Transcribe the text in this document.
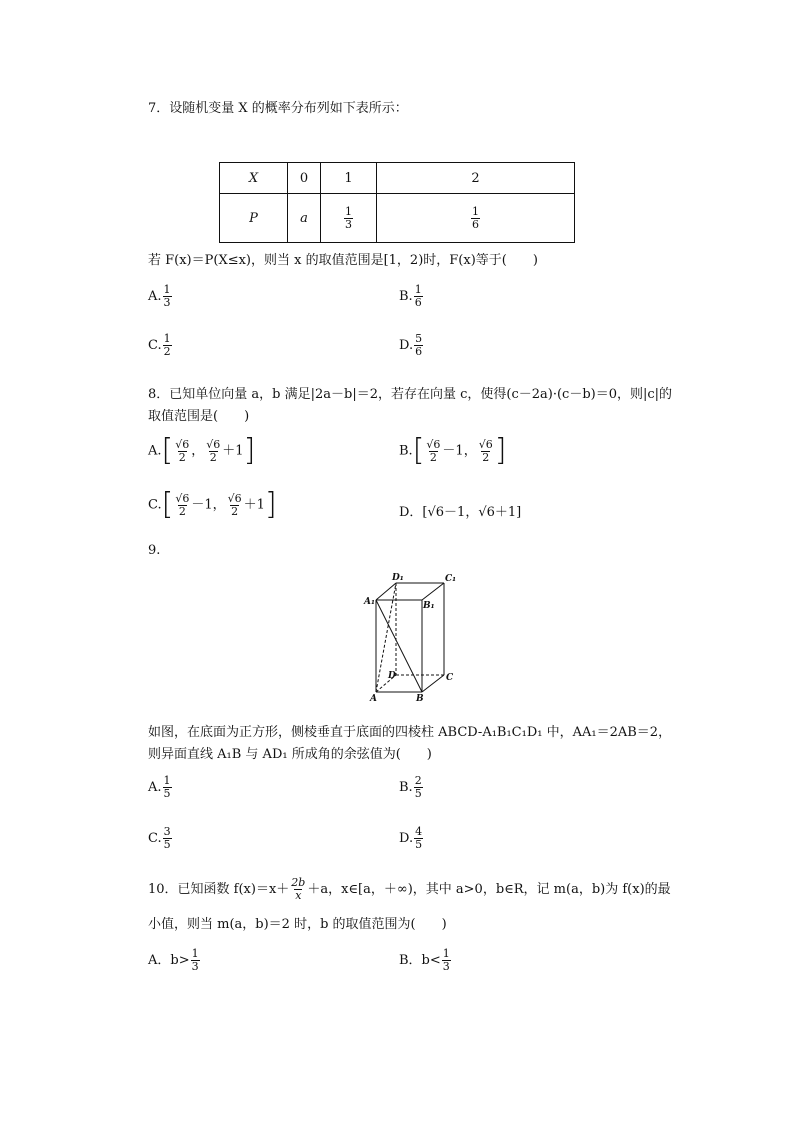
7．设随机变量 X 的概率分布列如下表所示：
X	0	1	2
P	a	$\frac{1}{3}$	$\frac{1}{6}$
若 F(x)＝P(X≤x)，则当 x 的取值范围是[1，2)时，F(x)等于(　　)
A. $\frac{1}{3}$	B. $\frac{1}{6}$
C. $\frac{1}{2}$	D. $\frac{5}{6}$
8．已知单位向量 a，b 满足|2a－b|＝2，若存在向量 c，使得(c－2a)·(c－b)＝0，则|c|的
取值范围是(　　)
$A.[ \frac{√6}{2}$ ， $\frac{√6}{2} +1$]	$B.[ \frac{√6}{2} -1$， $\frac{√6}{2}$ ]
$C.[ \frac{√6}{2} -1$， $\frac{√6}{2} +1$]	D．[√6－1，√6＋1]
9.
D₁	C₁
A₁	B₁
D	C
A	B
如图，在底面为正方形，侧棱垂直于底面的四棱柱 ABCD-A₁B₁C₁D₁ 中，AA₁＝2AB＝2，
则异面直线 A₁B 与 AD₁ 所成角的余弦值为(　　)
A. $\frac{1}{5}$	B. $\frac{2}{5}$
C. $\frac{3}{5}$	D. $\frac{4}{5}$
10．已知函数 $f(x)=x+ \frac{2b}{x} +a$，x∈[a，＋∞)，其中 a>0，b∈R，记 m(a，b)为 f(x)的最
小值，则当 m(a，b)＝2 时，b 的取值范围为(　　)
A．$b> \frac{1}{3}$	B．$b< \frac{1}{3}$
